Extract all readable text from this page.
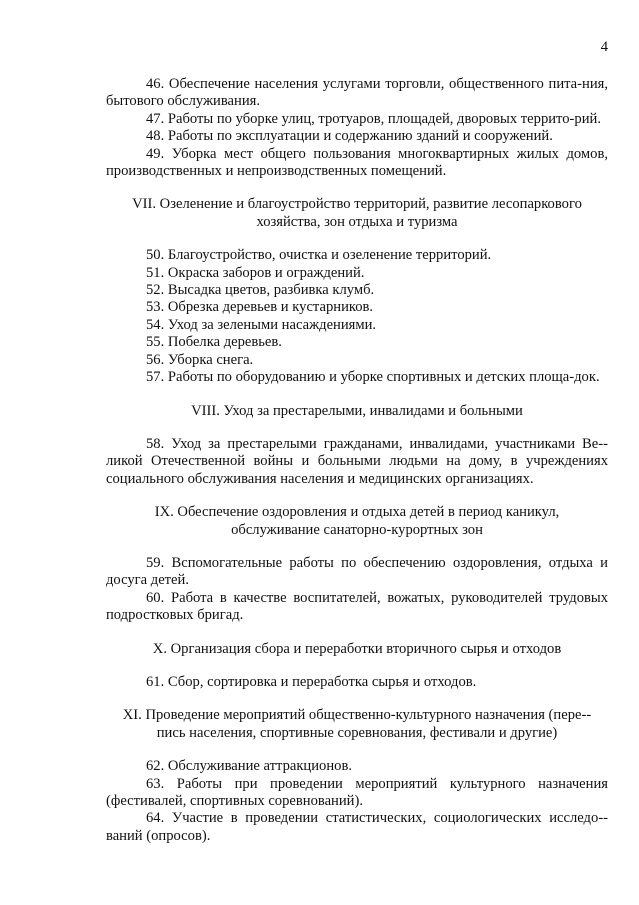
4

46. Обеспечение населения услугами торговли, общественного пита-ния, бытового обслуживания.

47. Работы по уборке улиц, тротуаров, площадей, дворовых террито-рий.

48. Работы по эксплуатации и содержанию зданий и сооружений.

49. Уборка мест общего пользования многоквартирных жилых домов, производственных и непроизводственных помещений.

VII. Озеленение и благоустройство территорий, развитие лесопаркового хозяйства, зон отдыха и туризма

50. Благоустройство, очистка и озеленение территорий.

51. Окраска заборов и ограждений.

52. Высадка цветов, разбивка клумб.

53. Обрезка деревьев и кустарников.

54. Уход за зелеными насаждениями.

55. Побелка деревьев.

56. Уборка снега.

57. Работы по оборудованию и уборке спортивных и детских площа-док.

VIII. Уход за престарелыми, инвалидами и больными

58. Уход за престарелыми гражданами, инвалидами, участниками Ве-ликой Отечественной войны и больными людьми на дому, в учреждениях социального обслуживания населения и медицинских организациях.

IX. Обеспечение оздоровления и отдыха детей в период каникул, обслуживание санаторно-курортных зон

59. Вспомогательные работы по обеспечению оздоровления, отдыха и досуга детей.

60. Работа в качестве воспитателей, вожатых, руководителей трудовых подростковых бригад.

X. Организация сбора и переработки вторичного сырья и отходов

61. Сбор, сортировка и переработка сырья и отходов.

XI. Проведение мероприятий общественно-культурного назначения (пере-пись населения, спортивные соревнования, фестивали и другие)

62. Обслуживание аттракционов.

63. Работы при проведении мероприятий культурного назначения (фестивалей, спортивных соревнований).

64. Участие в проведении статистических, социологических исследо-ваний (опросов).
